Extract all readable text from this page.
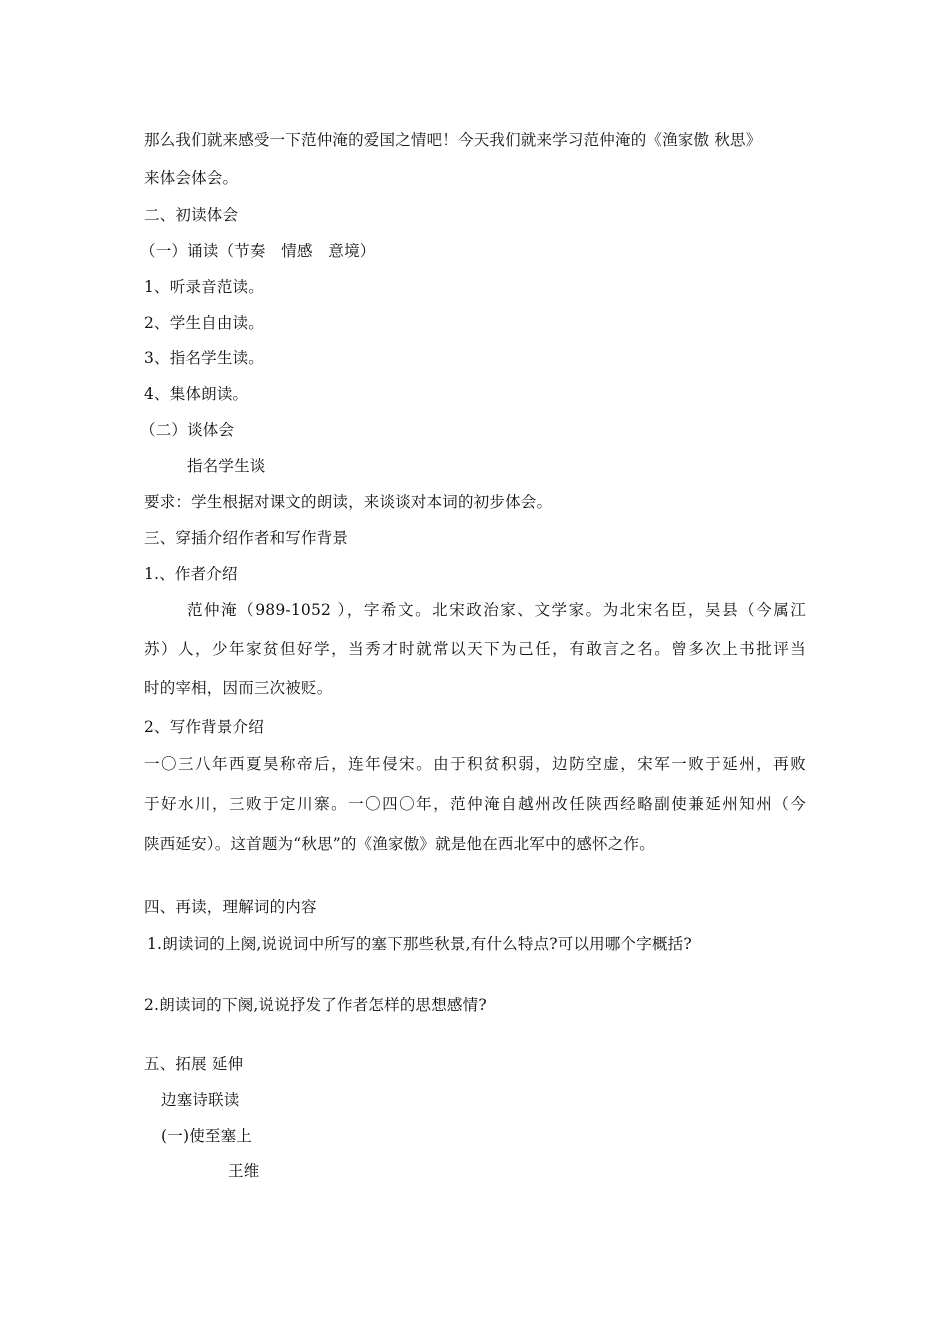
那么我们就来感受一下范仲淹的爱国之情吧！今天我们就来学习范仲淹的《渔家傲 秋思》
来体会体会。
二、初读体会
（一）诵读（节奏　情感　意境）
1、听录音范读。
2、学生自由读。
3、指名学生读。
4、集体朗读。
（二）谈体会
指名学生谈
要求：学生根据对课文的朗读，来谈谈对本词的初步体会。
三、穿插介绍作者和写作背景
1.、作者介绍
范仲淹（989-1052 ），字希文。北宋政治家、文学家。为北宋名臣，吴县（今属江
苏）人，少年家贫但好学，当秀才时就常以天下为己任，有敢言之名。曾多次上书批评当
时的宰相，因而三次被贬。
2、写作背景介绍
一〇三八年西夏昊称帝后，连年侵宋。由于积贫积弱，边防空虚，宋军一败于延州，再败
于好水川，三败于定川寨。一〇四〇年，范仲淹自越州改任陕西经略副使兼延州知州（今
陕西延安）。这首题为“秋思”的《渔家傲》就是他在西北军中的感怀之作。
四、再读，理解词的内容
1.朗读词的上阕,说说词中所写的塞下那些秋景,有什么特点?可以用哪个字概括?
2.朗读词的下阕,说说抒发了作者怎样的思想感情?
五、拓展 延伸
边塞诗联读
(一)使至塞上
王维
